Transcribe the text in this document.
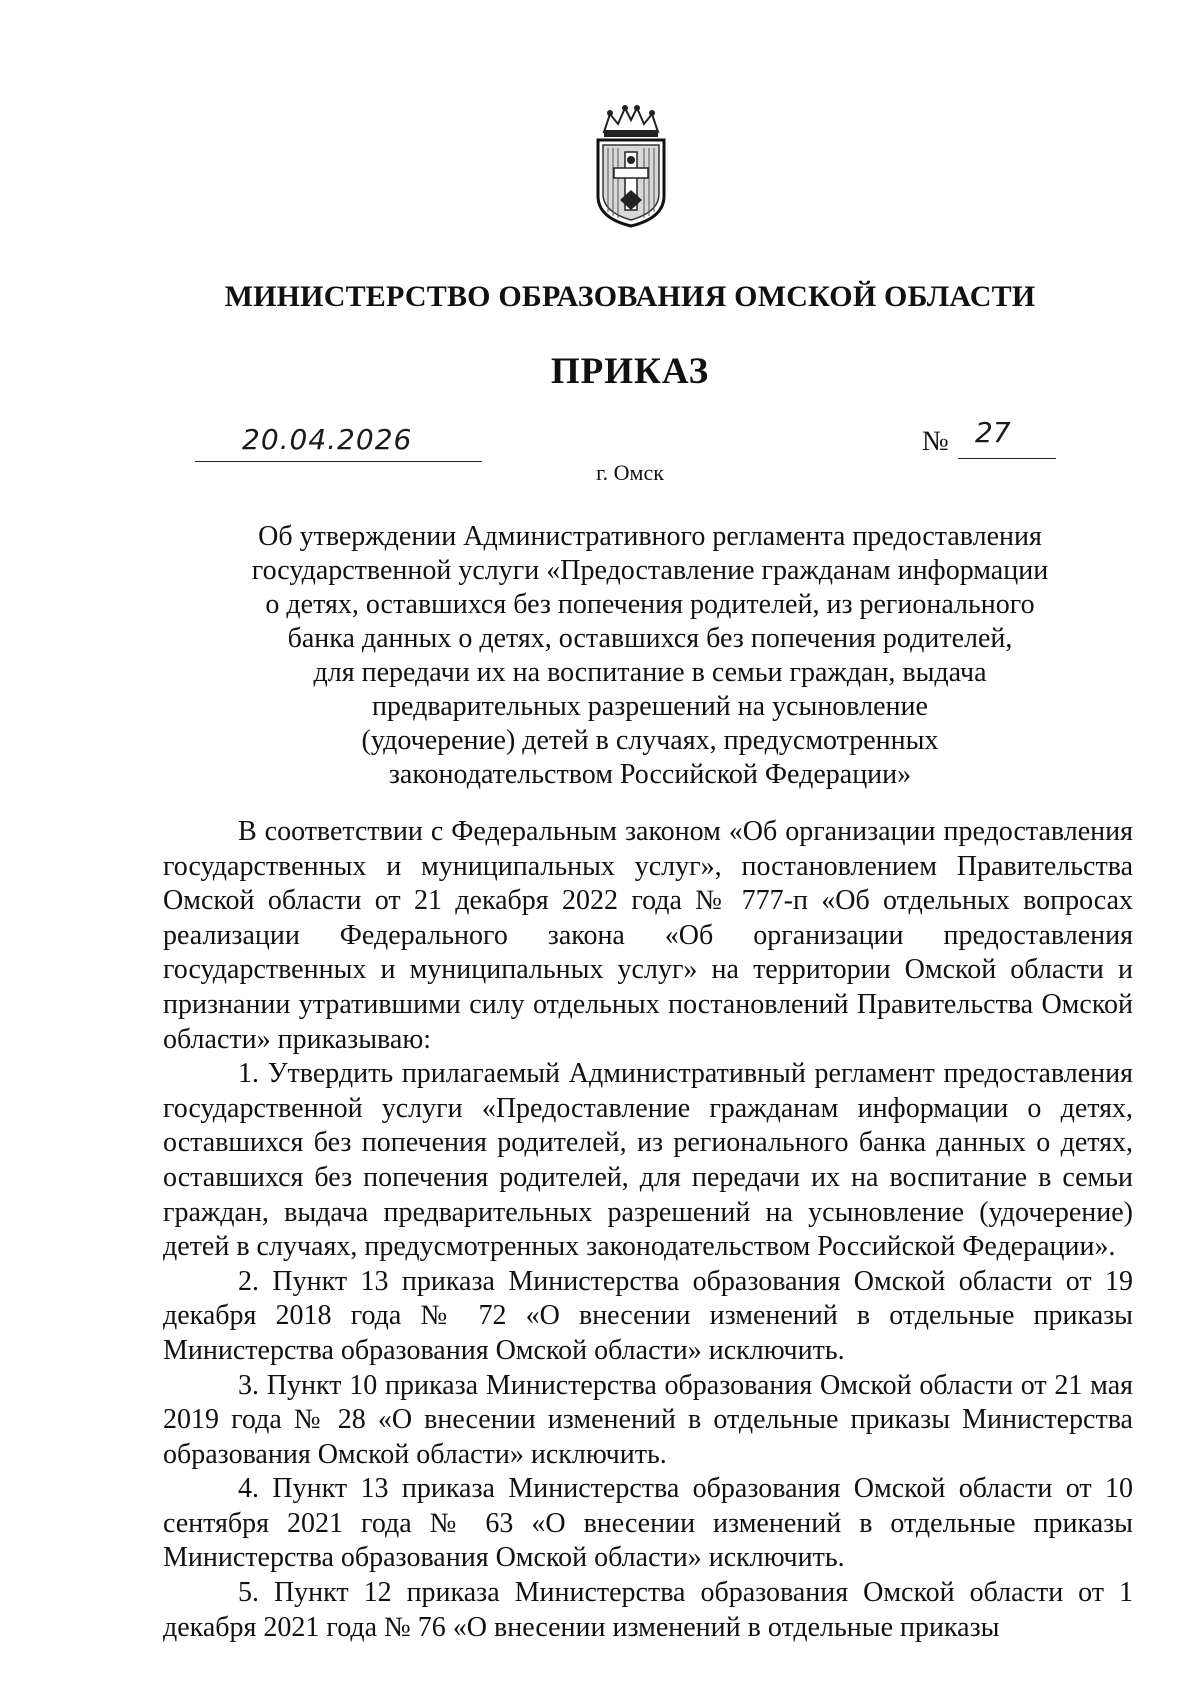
МИНИСТЕРСТВО ОБРАЗОВАНИЯ ОМСКОЙ ОБЛАСТИ
ПРИКАЗ
20.04.2026	№ 27
г. Омск
Об утверждении Административного регламента предоставления
государственной услуги «Предоставление гражданам информации
о детях, оставшихся без попечения родителей, из регионального
банка данных о детях, оставшихся без попечения родителей,
для передачи их на воспитание в семьи граждан, выдача
предварительных разрешений на усыновление
(удочерение) детей в случаях, предусмотренных
законодательством Российской Федерации»

В соответствии с Федеральным законом «Об организации предоставления государственных и муниципальных услуг», постановлением Правительства Омской области от 21 декабря 2022 года № 777-п «Об отдельных вопросах реализации Федерального закона «Об организации предоставления государственных и муниципальных услуг» на территории Омской области и признании утратившими силу отдельных постановлений Правительства Омской области» приказываю:

1. Утвердить прилагаемый Административный регламент предоставления государственной услуги «Предоставление гражданам информации о детях, оставшихся без попечения родителей, из регионального банка данных о детях, оставшихся без попечения родителей, для передачи их на воспитание в семьи граждан, выдача предварительных разрешений на усыновление (удочерение) детей в случаях, предусмотренных законодательством Российской Федерации».

2. Пункт 13 приказа Министерства образования Омской области от 19 декабря 2018 года № 72 «О внесении изменений в отдельные приказы Министерства образования Омской области» исключить.

3. Пункт 10 приказа Министерства образования Омской области от 21 мая 2019 года № 28 «О внесении изменений в отдельные приказы Министерства образования Омской области» исключить.

4. Пункт 13 приказа Министерства образования Омской области от 10 сентября 2021 года № 63 «О внесении изменений в отдельные приказы Министерства образования Омской области» исключить.

5. Пункт 12 приказа Министерства образования Омской области от 1 декабря 2021 года № 76 «О внесении изменений в отдельные приказы
